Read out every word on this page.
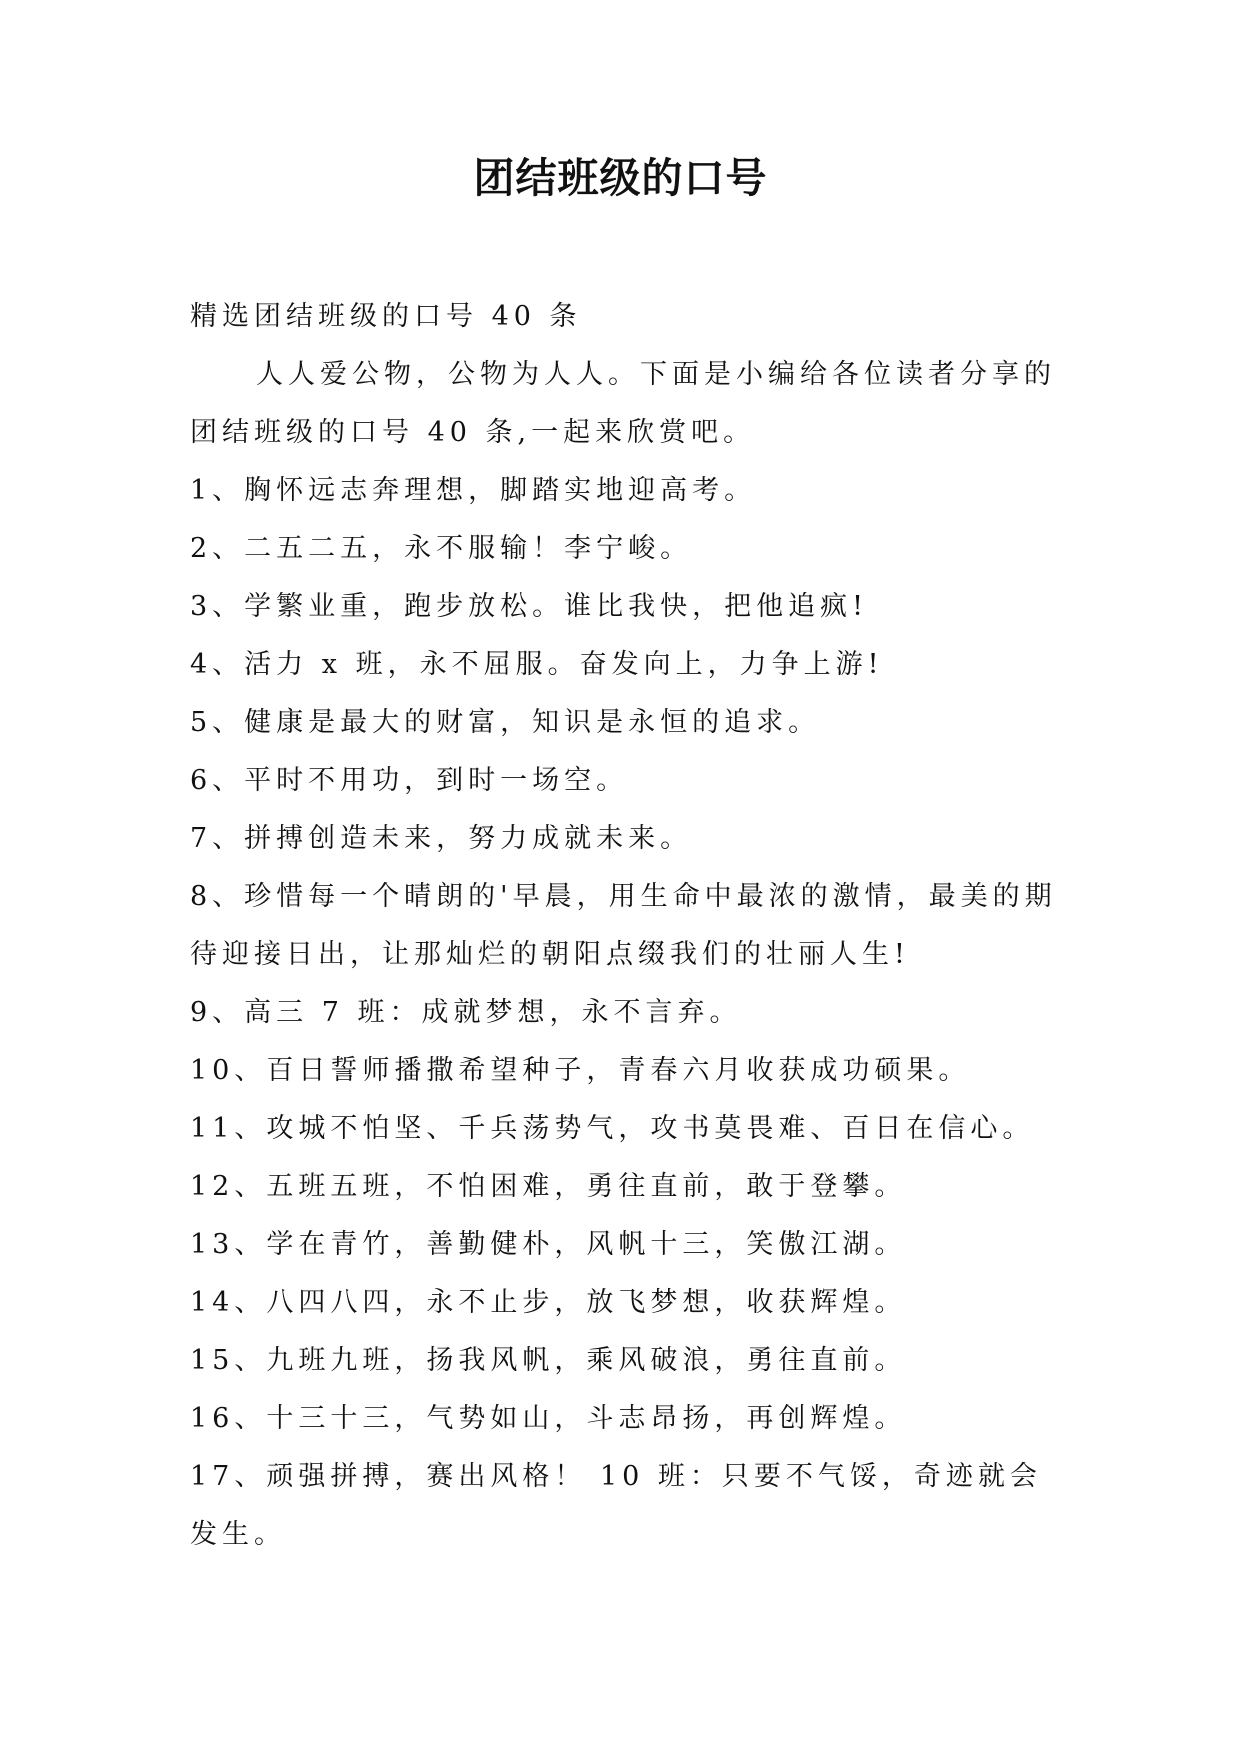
团结班级的口号

精选团结班级的口号 40 条

人人爱公物，公物为人人。下面是小编给各位读者分享的团结班级的口号 40 条,一起来欣赏吧。

1、胸怀远志奔理想，脚踏实地迎高考。

2、二五二五，永不服输！李宁峻。

3、学繁业重，跑步放松。谁比我快，把他追疯!

4、活力 x 班，永不屈服。奋发向上，力争上游!

5、健康是最大的财富，知识是永恒的追求。

6、平时不用功，到时一场空。

7、拼搏创造未来，努力成就未来。

8、珍惜每一个晴朗的'早晨，用生命中最浓的激情，最美的期待迎接日出，让那灿烂的朝阳点缀我们的壮丽人生!

9、高三 7 班：成就梦想，永不言弃。

10、百日誓师播撒希望种子，青春六月收获成功硕果。

11、攻城不怕坚、千兵荡势气，攻书莫畏难、百日在信心。

12、五班五班，不怕困难，勇往直前，敢于登攀。

13、学在青竹，善勤健朴，风帆十三，笑傲江湖。

14、八四八四，永不止步，放飞梦想，收获辉煌。

15、九班九班，扬我风帆，乘风破浪，勇往直前。

16、十三十三，气势如山，斗志昂扬，再创辉煌。

17、顽强拼搏，赛出风格！ 10 班：只要不气馁，奇迹就会发生。
